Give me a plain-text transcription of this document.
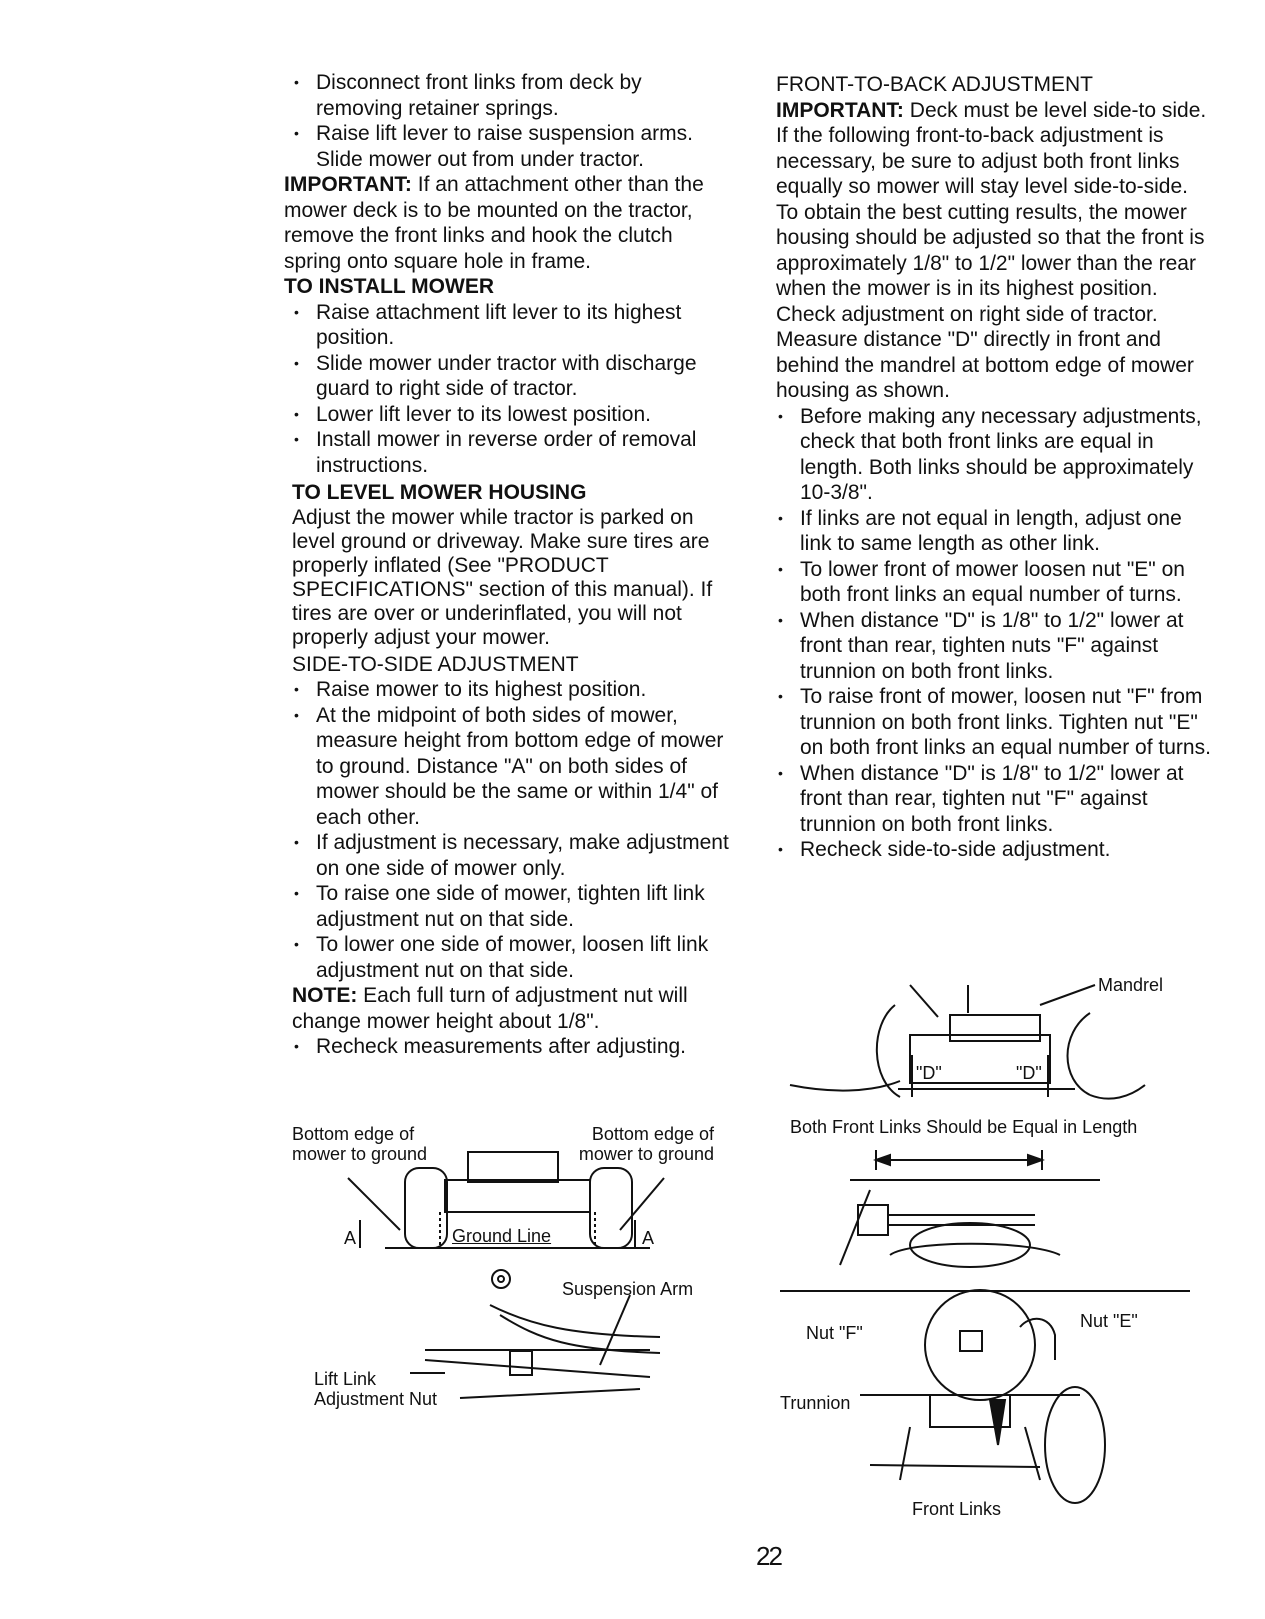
• Disconnect front links from deck by removing retainer springs.

• Raise lift lever to raise suspension arms. Slide mower out from under tractor.

IMPORTANT: If an attachment other than the mower deck is to be mounted on the tractor, remove the front links and hook the clutch spring onto square hole in frame.

TO INSTALL MOWER

• Raise attachment lift lever to its highest position.

• Slide mower under tractor with discharge guard to right side of tractor.

• Lower lift lever to its lowest position.

• Install mower in reverse order of removal instructions.

TO LEVEL MOWER HOUSING

Adjust the mower while tractor is parked on level ground or driveway. Make sure tires are properly inflated (See "PRODUCT SPECIFICATIONS" section of this manual). If tires are over or underinflated, you will not properly adjust your mower.

SIDE-TO-SIDE ADJUSTMENT

• Raise mower to its highest position.

• At the midpoint of both sides of mower, measure height from bottom edge of mower to ground. Distance "A" on both sides of mower should be the same or within 1/4" of each other.

• If adjustment is necessary, make adjustment on one side of mower only.

• To raise one side of mower, tighten lift link adjustment nut on that side.

• To lower one side of mower, loosen lift link adjustment nut on that side.

NOTE: Each full turn of adjustment nut will change mower height about 1/8".

• Recheck measurements after adjusting.

Bottom edge of mower to ground
Bottom edge of mower to ground
Ground Line
A	A
Suspension Arm
Lift Link Adjustment Nut

FRONT-TO-BACK ADJUSTMENT

IMPORTANT: Deck must be level side-to side. If the following front-to-back adjustment is necessary, be sure to adjust both front links equally so mower will stay level side-to-side.

To obtain the best cutting results, the mower housing should be adjusted so that the front is approximately 1/8" to 1/2" lower than the rear when the mower is in its highest position.

Check adjustment on right side of tractor. Measure distance "D" directly in front and behind the mandrel at bottom edge of mower housing as shown.

• Before making any necessary adjustments, check that both front links are equal in length. Both links should be approximately 10-3/8".

• If links are not equal in length, adjust one link to same length as other link.

• To lower front of mower loosen nut "E" on both front links an equal number of turns.

• When distance "D" is 1/8" to 1/2" lower at front than rear, tighten nuts "F" against trunnion on both front links.

• To raise front of mower, loosen nut "F" from trunnion on both front links. Tighten nut "E" on both front links an equal number of turns.

• When distance "D" is 1/8" to 1/2" lower at front than rear, tighten nut "F" against trunnion on both front links.

• Recheck side-to-side adjustment.

Mandrel
"D"	"D"
Both Front Links Should be Equal in Length
Nut "F"
Nut "E"
Trunnion
Front Links
22
